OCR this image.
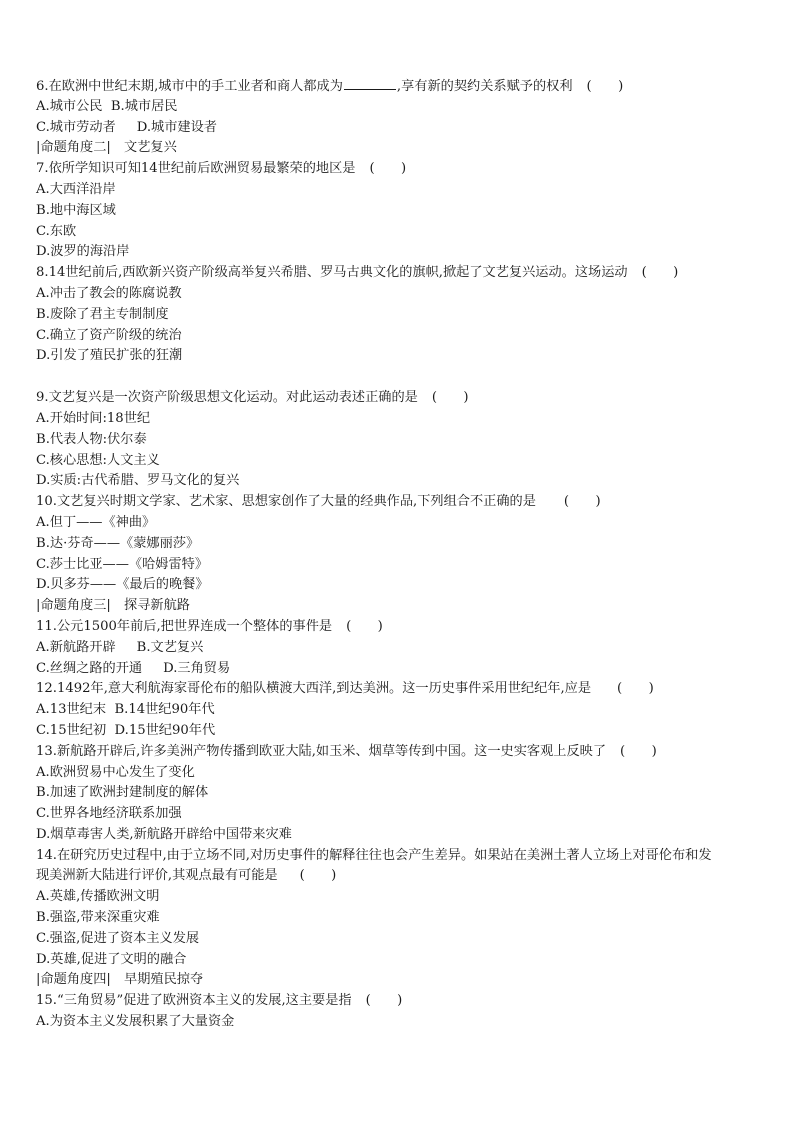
6.在欧洲中世纪末期,城市中的手工业者和商人都成为	,享有新的契约关系赋予的权利 (　　)
A.城市公民 B.城市居民
C.城市劳动者 D.城市建设者
|命题角度二|　文艺复兴
7.依所学知识可知14世纪前后欧洲贸易最繁荣的地区是 (　　)
A.大西洋沿岸
B.地中海区域
C.东欧
D.波罗的海沿岸
8.14世纪前后,西欧新兴资产阶级高举复兴希腊、罗马古典文化的旗帜,掀起了文艺复兴运动。这场运动 (　　)
A.冲击了教会的陈腐说教
B.废除了君主专制制度
C.确立了资产阶级的统治
D.引发了殖民扩张的狂潮
9.文艺复兴是一次资产阶级思想文化运动。对此运动表述正确的是 (　　)
A.开始时间:18世纪
B.代表人物:伏尔泰
C.核心思想:人文主义
D.实质:古代希腊、罗马文化的复兴
10.文艺复兴时期文学家、艺术家、思想家创作了大量的经典作品,下列组合不正确的是 (　　)
A.但丁——《神曲》
B.达·芬奇——《蒙娜丽莎》
C.莎士比亚——《哈姆雷特》
D.贝多芬——《最后的晚餐》
|命题角度三|　探寻新航路
11.公元1500年前后,把世界连成一个整体的事件是 (　　)
A.新航路开辟 B.文艺复兴
C.丝绸之路的开通 D.三角贸易
12.1492年,意大利航海家哥伦布的船队横渡大西洋,到达美洲。这一历史事件采用世纪纪年,应是 (　　)
A.13世纪末 B.14世纪90年代
C.15世纪初 D.15世纪90年代
13.新航路开辟后,许多美洲产物传播到欧亚大陆,如玉米、烟草等传到中国。这一史实客观上反映了 (　　)
A.欧洲贸易中心发生了变化
B.加速了欧洲封建制度的解体
C.世界各地经济联系加强
D.烟草毒害人类,新航路开辟给中国带来灾难
14.在研究历史过程中,由于立场不同,对历史事件的解释往往也会产生差异。如果站在美洲土著人立场上对哥伦布和发
现美洲新大陆进行评价,其观点最有可能是 (　　)
A.英雄,传播欧洲文明
B.强盗,带来深重灾难
C.强盗,促进了资本主义发展
D.英雄,促进了文明的融合
|命题角度四|　早期殖民掠夺
15.“三角贸易”促进了欧洲资本主义的发展,这主要是指 (　　)
A.为资本主义发展积累了大量资金
